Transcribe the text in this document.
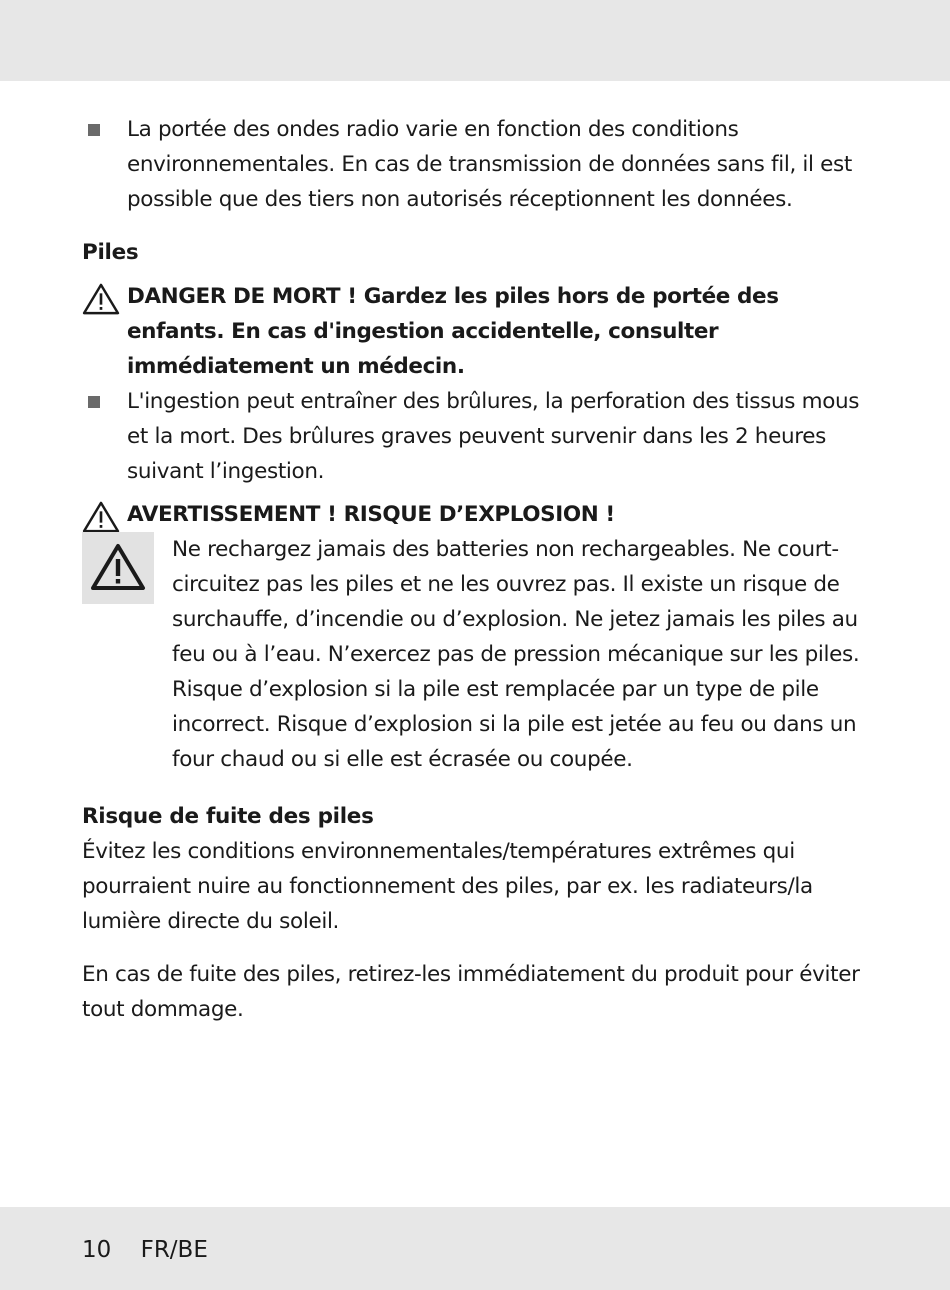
La portée des ondes radio varie en fonction des conditions environnementales. En cas de transmission de données sans fil, il est possible que des tiers non autorisés réceptionnent les données.
Piles
DANGER DE MORT ! Gardez les piles hors de portée des enfants. En cas d'ingestion accidentelle, consulter immédiatement un médecin.
L'ingestion peut entraîner des brûlures, la perforation des tissus mous et la mort. Des brûlures graves peuvent survenir dans les 2 heures suivant l’ingestion.
AVERTISSEMENT ! RISQUE D’EXPLOSION !
Ne rechargez jamais des batteries non rechargeables. Ne court-circuitez pas les piles et ne les ouvrez pas. Il existe un risque de surchauffe, d’incendie ou d’explosion. Ne jetez jamais les piles au feu ou à l’eau. N’exercez pas de pression mécanique sur les piles. Risque d’explosion si la pile est remplacée par un type de pile incorrect. Risque d’explosion si la pile est jetée au feu ou dans un four chaud ou si elle est écrasée ou coupée.
Risque de fuite des piles
Évitez les conditions environnementales/températures extrêmes qui pourraient nuire au fonctionnement des piles, par ex. les radiateurs/la lumière directe du soleil.
En cas de fuite des piles, retirez-les immédiatement du produit pour éviter tout dommage.
10 FR/BE
